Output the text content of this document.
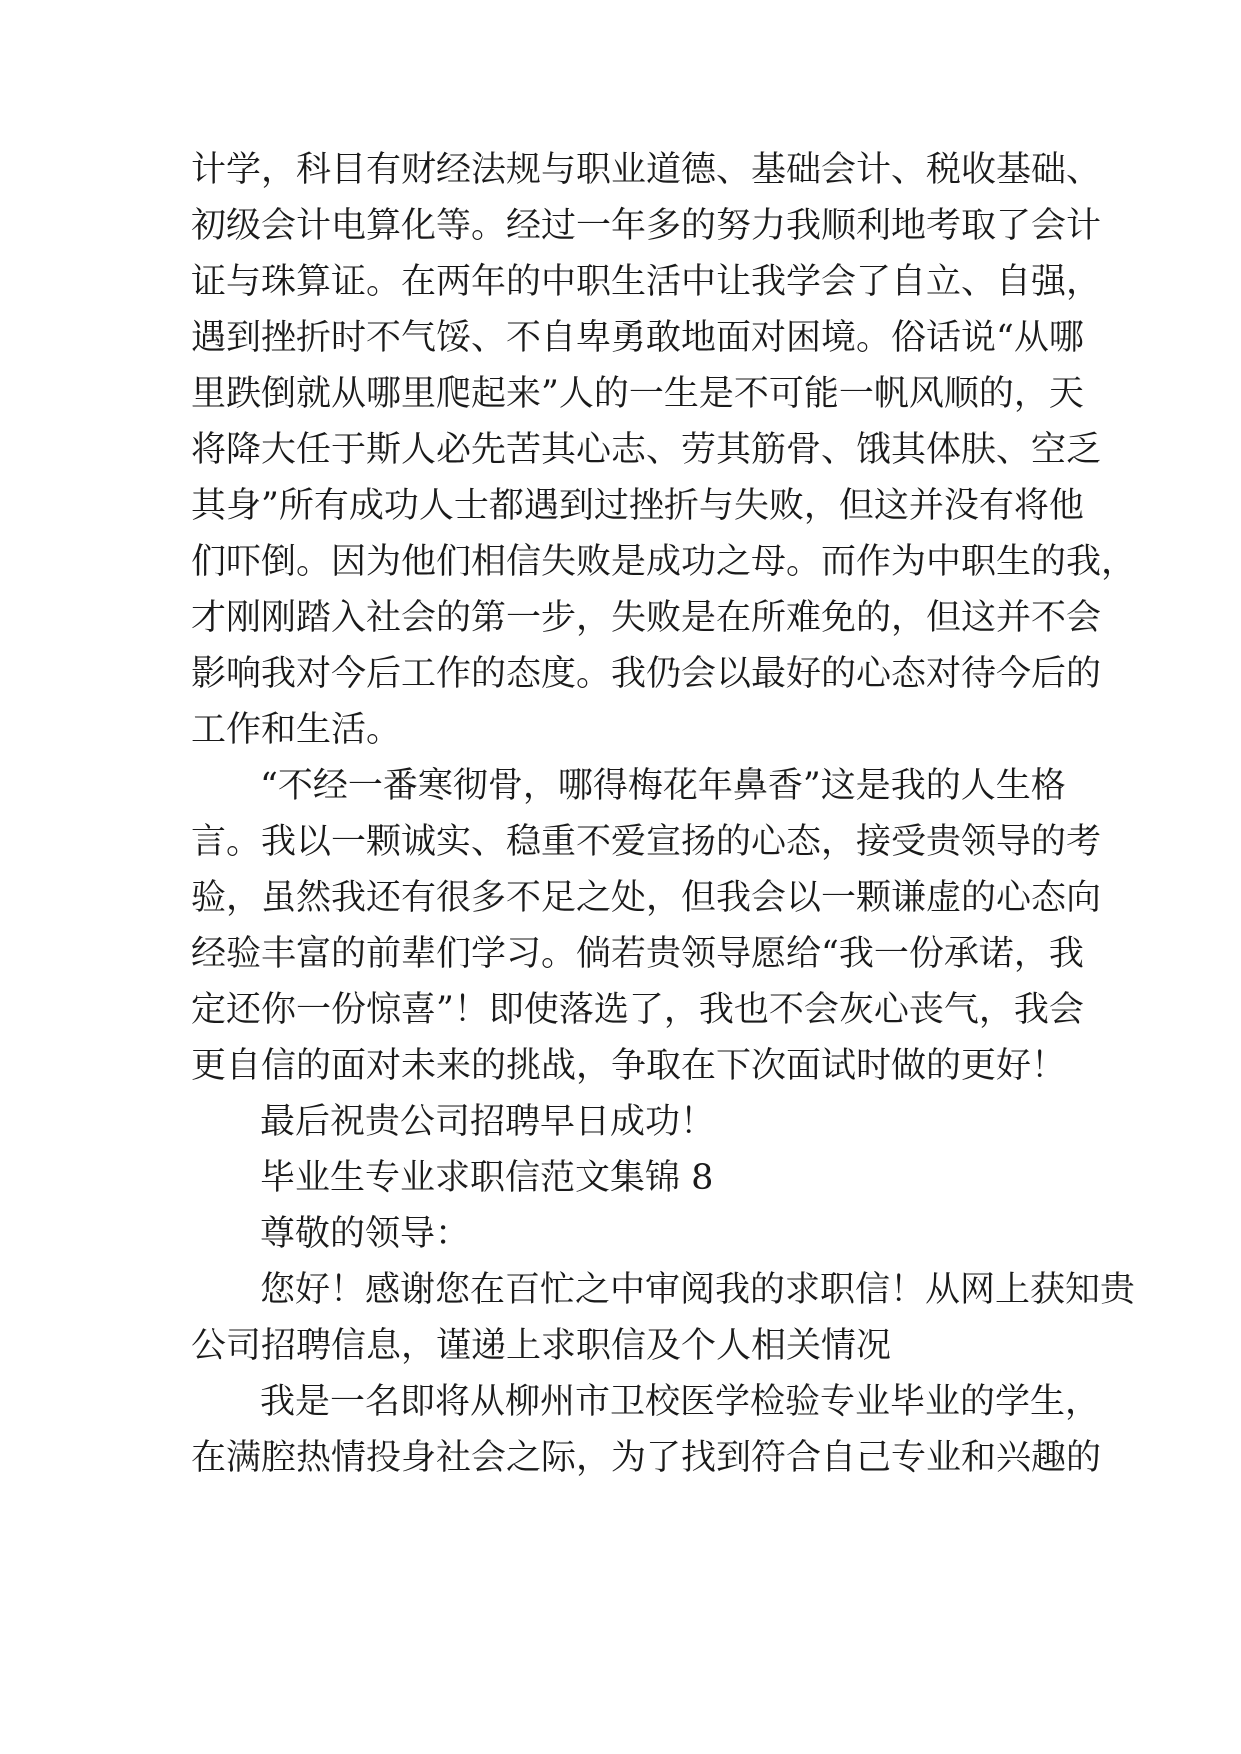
计学，科目有财经法规与职业道德、基础会计、税收基础、
初级会计电算化等。经过一年多的努力我顺利地考取了会计
证与珠算证。在两年的中职生活中让我学会了自立、自强，
遇到挫折时不气馁、不自卑勇敢地面对困境。俗话说“从哪
里跌倒就从哪里爬起来”人的一生是不可能一帆风顺的，天
将降大任于斯人必先苦其心志、劳其筋骨、饿其体肤、空乏
其身”所有成功人士都遇到过挫折与失败，但这并没有将他
们吓倒。因为他们相信失败是成功之母。而作为中职生的我，
才刚刚踏入社会的第一步，失败是在所难免的，但这并不会
影响我对今后工作的态度。我仍会以最好的心态对待今后的
工作和生活。
“不经一番寒彻骨，哪得梅花年鼻香”这是我的人生格
言。我以一颗诚实、稳重不爱宣扬的心态，接受贵领导的考
验，虽然我还有很多不足之处，但我会以一颗谦虚的心态向
经验丰富的前辈们学习。倘若贵领导愿给“我一份承诺，我
定还你一份惊喜”！即使落选了，我也不会灰心丧气，我会
更自信的面对未来的挑战，争取在下次面试时做的更好！
最后祝贵公司招聘早日成功！
毕业生专业求职信范文集锦 8
尊敬的领导：
您好！感谢您在百忙之中审阅我的求职信！从网上获知贵
公司招聘信息，谨递上求职信及个人相关情况
我是一名即将从柳州市卫校医学检验专业毕业的学生，
在满腔热情投身社会之际，为了找到符合自己专业和兴趣的
